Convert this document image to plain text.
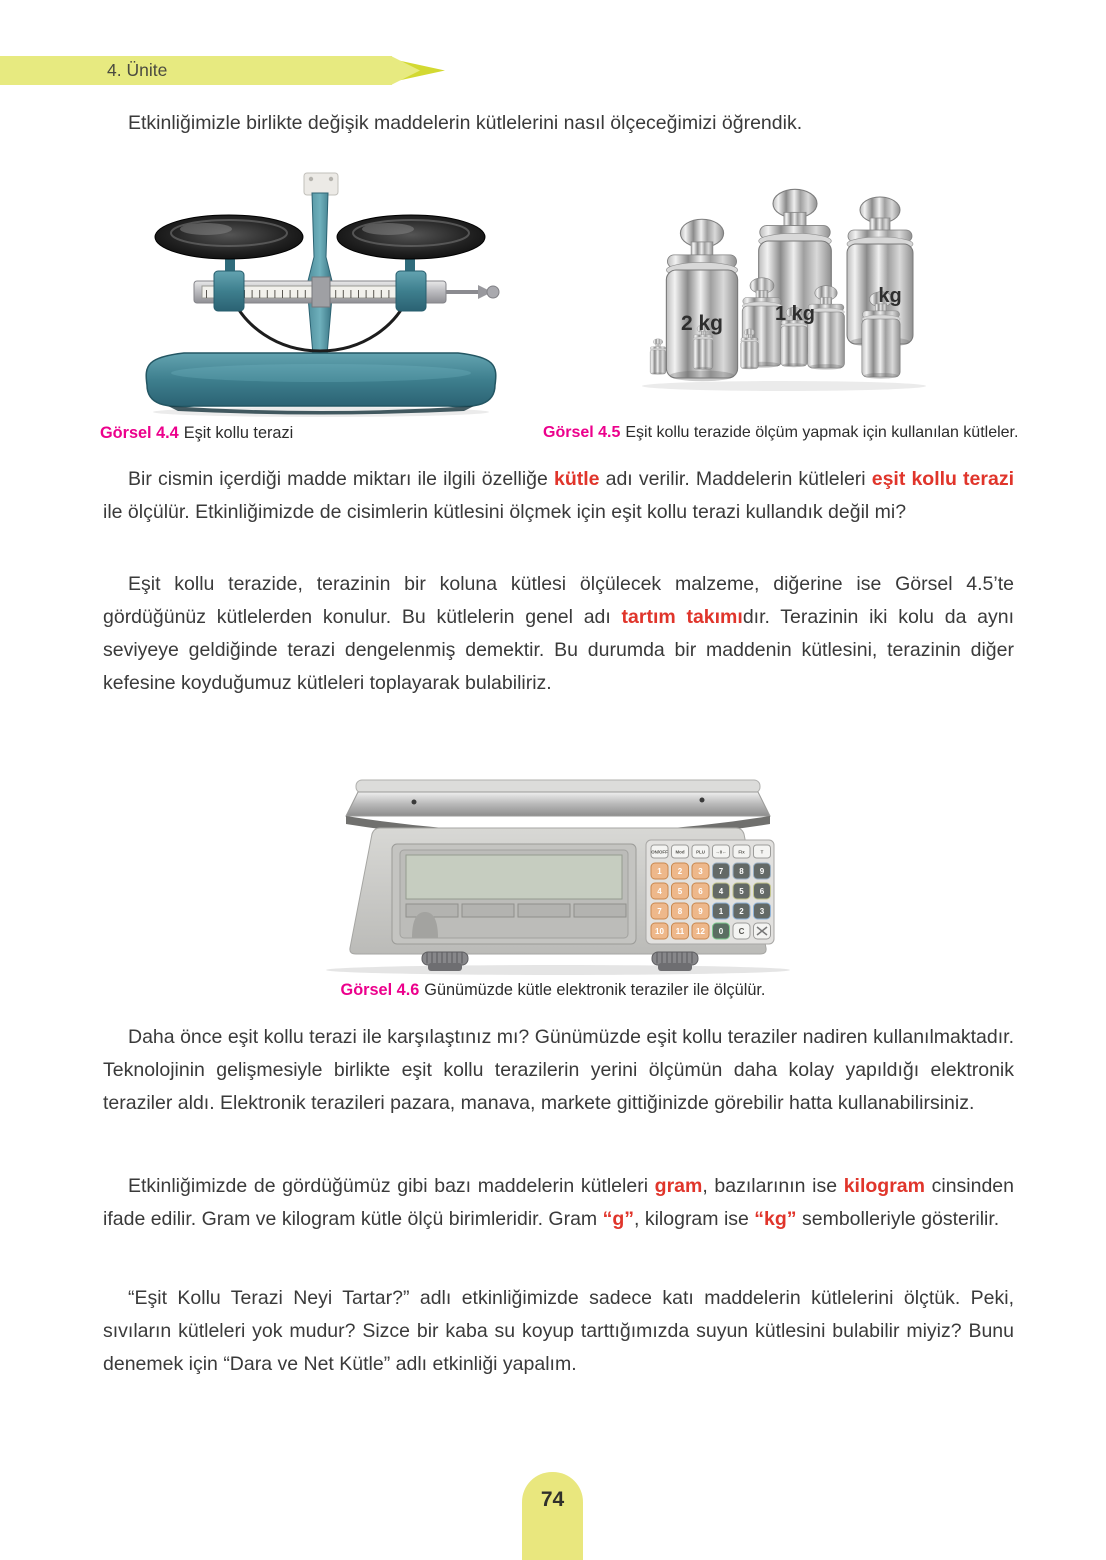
4. Ünite

Etkinliğimizle birlikte değişik maddelerin kütlelerini nasıl ölçeceğimizi öğrendik.

2 kg	1 kg
kg
Görsel 4.4 Eşit kollu terazi	Görsel 4.5 Eşit kollu terazide ölçüm yapmak için kullanılan kütleler.

Bir cismin içerdiği madde miktarı ile ilgili özelliğe kütle adı verilir. Maddelerin kütleleri eşit kollu terazi ile ölçülür. Etkinliğimizde de cisimlerin kütlesini ölçmek için eşit kollu terazi kullandık değil mi?

Eşit kollu terazide, terazinin bir koluna kütlesi ölçülecek malzeme, diğerine ise Görsel 4.5’te gördüğünüz kütlelerden konulur. Bu kütlelerin genel adı tartım takımıdır. Terazinin iki kolu da aynı seviyeye geldiğinde terazi dengelenmiş demektir. Bu durumda bir maddenin kütlesini, terazinin diğer kefesine koyduğumuz kütleleri toplayarak bulabiliriz.

ON/OFF Mod	PLU →0←	Fix	T
1 2 3
4 5 6
7 8 9
10 11 12
7 8 9
4 5 6
1 2 3
0 C
Görsel 4.6 Günümüzde kütle elektronik teraziler ile ölçülür.

Daha önce eşit kollu terazi ile karşılaştınız mı? Günümüzde eşit kollu teraziler nadiren kullanılmaktadır. Teknolojinin gelişmesiyle birlikte eşit kollu terazilerin yerini ölçümün daha kolay yapıldığı elektronik teraziler aldı. Elektronik terazileri pazara, manava, markete gittiğinizde görebilir hatta kullanabilirsiniz.

Etkinliğimizde de gördüğümüz gibi bazı maddelerin kütleleri gram, bazılarının ise kilogram cinsinden ifade edilir. Gram ve kilogram kütle ölçü birimleridir. Gram “g”, kilogram ise “kg” sembolleriyle gösterilir.

“Eşit Kollu Terazi Neyi Tartar?” adlı etkinliğimizde sadece katı maddelerin kütlelerini ölçtük. Peki, sıvıların kütleleri yok mudur? Sizce bir kaba su koyup tarttığımızda suyun kütlesini bulabilir miyiz? Bunu denemek için “Dara ve Net Kütle” adlı etkinliği yapalım.

74
